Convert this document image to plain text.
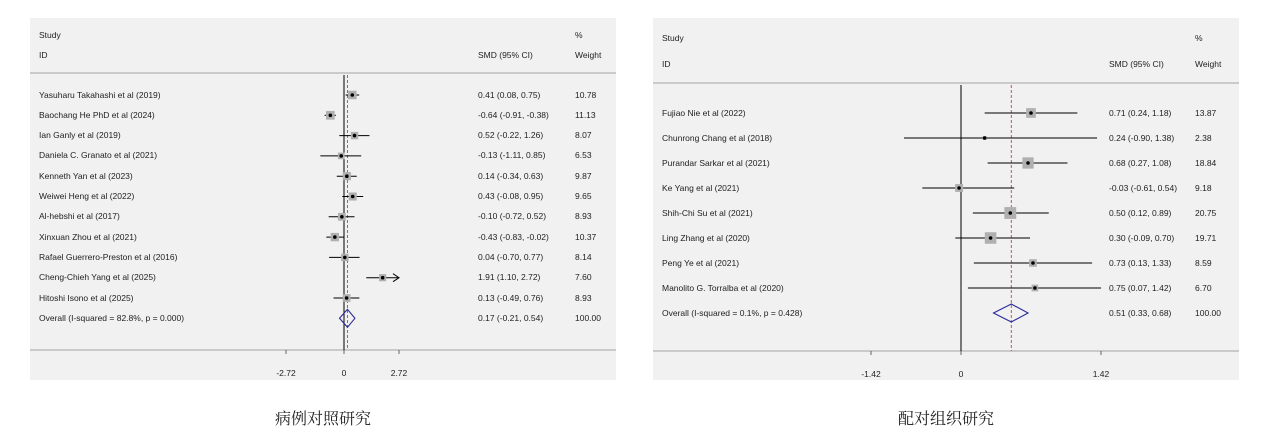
Study
ID
%
SMD (95% CI)	Weight
-2.72	0	2.72
Yasuharu Takahashi et al (2019)	0.41 (0.08, 0.75)	10.78
Baochang He PhD et al (2024)	-0.64 (-0.91, -0.38)	11.13
Ian Ganly et al (2019)	0.52 (-0.22, 1.26)	8.07
Daniela C. Granato et al (2021)	-0.13 (-1.11, 0.85)	6.53
Kenneth Yan et al (2023)	0.14 (-0.34, 0.63)	9.87
Weiwei Heng et al (2022)	0.43 (-0.08, 0.95)	9.65
Al-hebshi et al (2017)	-0.10 (-0.72, 0.52)	8.93
Xinxuan Zhou et al (2021)	-0.43 (-0.83, -0.02)	10.37
Rafael Guerrero-Preston et al (2016)	0.04 (-0.70, 0.77)	8.14
Cheng-Chieh Yang et al (2025)	1.91 (1.10, 2.72)	7.60
Hitoshi Isono et al (2025)	0.13 (-0.49, 0.76)	8.93
Overall (I-squared = 82.8%, p = 0.000)	0.17 (-0.21, 0.54)	100.00
Study
ID
%
SMD (95% CI)	Weight
-1.42	0	1.42
Fujiao Nie et al (2022)	0.71 (0.24, 1.18)	13.87
Chunrong Chang et al (2018)	0.24 (-0.90, 1.38) 2.38
Purandar Sarkar et al (2021)	0.68 (0.27, 1.08)	18.84
Ke Yang et al (2021)	-0.03 (-0.61, 0.54) 9.18
Shih-Chi Su et al (2021)	0.50 (0.12, 0.89)	20.75
Ling Zhang et al (2020)	0.30 (-0.09, 0.70) 19.71
Peng Ye et al (2021)	0.73 (0.13, 1.33)	8.59
Manolito G. Torralba et al (2020)	0.75 (0.07, 1.42)	6.70
Overall (I-squared = 0.1%, p = 0.428)	0.51 (0.33, 0.68)	100.00
病例对照研究	配对组织研究
